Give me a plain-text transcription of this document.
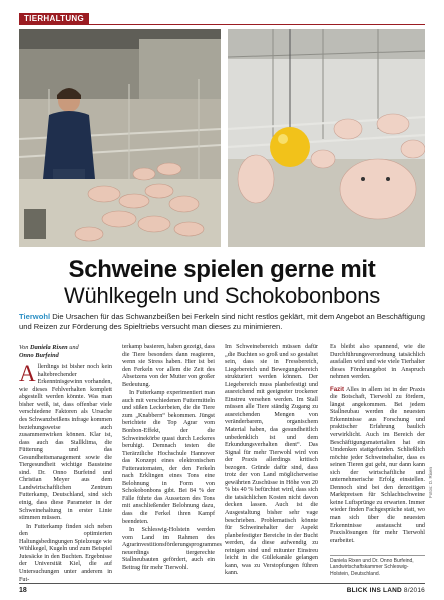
TIERHALTUNG
Schweine spielen gerne mit
Wühlkegeln und Schokobonbons
Tierwohl Die Ursachen für das Schwanzbeißen bei Ferkeln sind nicht restlos geklärt, mit dem Angebot an Beschäftigung und Reizen zur Förderung des Spieltriebs versucht man dieses zu minimieren.
Von Daniela Rixen und
Onno Burfeind

Allerdings ist bisher noch kein haltebrechender Erkenntnisgewinn vorhanden, wie dieses Fehlverhalten komplett abgestellt werden könnte. Was man bisher weiß, ist, dass offenbar viele verschiedene Faktoren als Ursache des Schwanzbeißens infrage kommen beziehungsweise auch zusammenwirken können. Klar ist, dass auch das Stallklima, die Fütterung und das Gesundheitsmanagement sowie die Tiergesundheit wichtige Bausteine sind. Dr. Onno Burfeind und Christian Meyer aus dem Landwirtschaftlichen Zentrum Futterkamp, Deutschland, sind sich einig, dass diese Parameter in der Schweinehaltung in erster Linie stimmen müssen.

In Futterkamp finden sich neben den optimierten Haltungsbedingungen Spielzeuge wie Wühlkegel, Kugeln und zum Beispiel Jutesäcke in den Buchten. Ergebnisse der Universität Kiel, die auf Untersuchungen unter anderem in Fut-

terkamp basieren, haben gezeigt, dass die Tiere besonders dann reagieren, wenn sie Stress haben. Hier ist bei den Ferkeln vor allem die Zeit des Absetzens von der Mutter von großer Bedeutung.

In Futterkamp experimentiert man auch mit verschiedenen Futtermitteln und süßen Leckerbeien, die die Tiere zum „Knabbern“ bekommen. Jüngst berichtete die Top Agrar vom Bonbon-Effekt, der die Schweinekörbe quasi durch Leckeres beruhigt. Demnach testen die Tierärztliche Hochschule Hannover das Konzept eines elektronischen Futterautomaten, der den Ferkeln nach Erklingen eines Tons eine Belohnung in Form von Schokobonbons gibt. Bei 84 % der Fälle führte das Aussetzen des Tons mit anschließender Belohnung dazu, dass die Ferkel ihren Kampf beendeten.

In Schleswig-Holstein werden vom Land im Rahmen des Agrarinvestitionsförderungsprogrammes neuerdings tiergerechte Stallneubauten gefördert, auch ein Beitrag für mehr Tierwohl.

Im Schweinebereich müssen dafür „die Buchten so groß und so gestaltet sein, dass sie in Fressbereich, Liegebereich und Bewegungsbereich strukturiert werden können. Der Liegebereich muss planbefestigt und ausreichend mit geeigneter trockener Einstreu versehen werden. Im Stall müssen alle Tiere ständig Zugang zu ausreichenden Mengen von veränderbarem, organischem Material haben, das gesundheitlich unbedenklich ist und dem Erkundungsverhalten dient“. Das Signal für mehr Tierwohl wird von der Praxis allerdings kritisch bezogen. Gründe dafür sind, dass trotz der von Land möglicherweise gewährten Zuschüsse in Höhe von 20 % bis 40 % befürchtet wird, dass sich die tatsächlichen Kosten nicht davon decken lassen. Auch ist die Ausgestaltung bisher sehr vage beschrieben. Problematisch könnte für Schweinehalter der Aspekt planbefestigter Bereiche in der Bucht werden, da diese aufwendig zu reinigen sind und mitunter Einstreu leicht in die Güllekanäle gelangen kann, was zu Verstopfungen führen kann.

Es bleibt also spannend, wie die Durchführungsverordnung tatsächlich ausfallen wird und wie viele Tierhalter dieses Förderangebot in Anspruch nehmen werden.

Fazit Alles in allem ist in der Praxis die Botschaft, Tierwohl zu fördern, längst angekommen. Bei jedem Stallneubau werden die neuesten Erkenntnisse aus Forschung und praktischer Erfahrung baulich verwirklicht. Auch im Bereich der Beschäftigungsmaterialien hat ein Umdenken stattgefunden. Schließlich möchte jeder Schweinehalter, dass es seinen Tieren gut geht, nur dann kann sich der wirtschaftliche und unternehmerische Erfolg einstellen. Dennoch sind bei den derzeitigen Marktpreisen für Schlachtschweine keine Luftsprünge zu erwarten. Immer wieder finden Fachgespräche statt, wo man sich über die neuesten Erkenntnisse austauscht und Praxislösungen für mehr Tierwohl erarbeitet.

Daniela Rixen und Dr. Onno Burfeind, Landwirtschaftskammer Schleswig-Holstein, Deutschland.
Fotos: D. Rixen
18	BLICK INS LAND 8/2016
